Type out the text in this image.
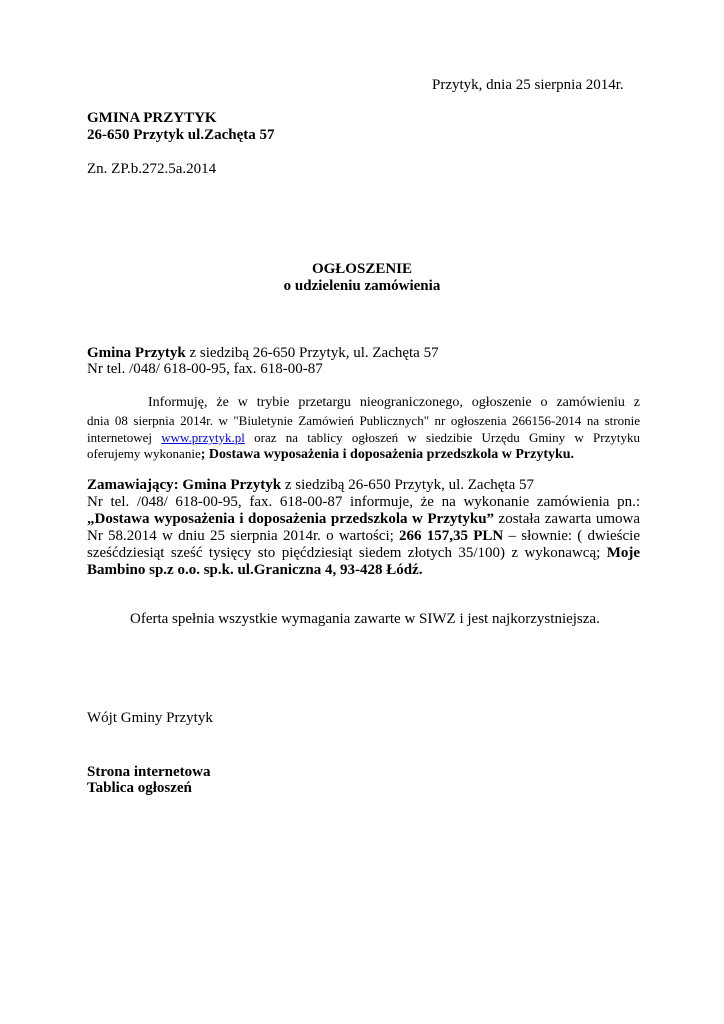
Przytyk, dnia 25 sierpnia 2014r.
GMINA PRZYTYK
26-650 Przytyk ul.Zachęta 57
Zn. ZP.b.272.5a.2014
OGŁOSZENIE
o udzieleniu zamówienia
Gmina Przytyk z siedzibą 26-650 Przytyk, ul. Zachęta 57
Nr tel. /048/ 618-00-95, fax. 618-00-87
Informuję, że w trybie przetargu nieograniczonego, ogłoszenie o zamówieniu z
dnia 08 sierpnia 2014r. w "Biuletynie Zamówień Publicznych" nr ogłoszenia 266156-2014 na stronie
internetowej www.przytyk.pl oraz na tablicy ogłoszeń w siedzibie Urzędu Gminy w Przytyku
oferujemy wykonanie; Dostawa wyposażenia i doposażenia przedszkola w Przytyku.
Zamawiający: Gmina Przytyk z siedzibą 26-650 Przytyk, ul. Zachęta 57
Nr tel. /048/ 618-00-95, fax. 618-00-87 informuje, że na wykonanie zamówienia pn.:
„Dostawa wyposażenia i doposażenia przedszkola w Przytyku” została zawarta umowa
Nr 58.2014 w dniu 25 sierpnia 2014r. o wartości; 266 157,35 PLN – słownie: ( dwieście
sześćdziesiąt sześć tysięcy sto pięćdziesiąt siedem złotych 35/100) z wykonawcą; Moje
Bambino sp.z o.o. sp.k. ul.Graniczna 4, 93-428 Łódź.
Oferta spełnia wszystkie wymagania zawarte w SIWZ i jest najkorzystniejsza.
Wójt Gminy Przytyk
Strona internetowa
Tablica ogłoszeń
